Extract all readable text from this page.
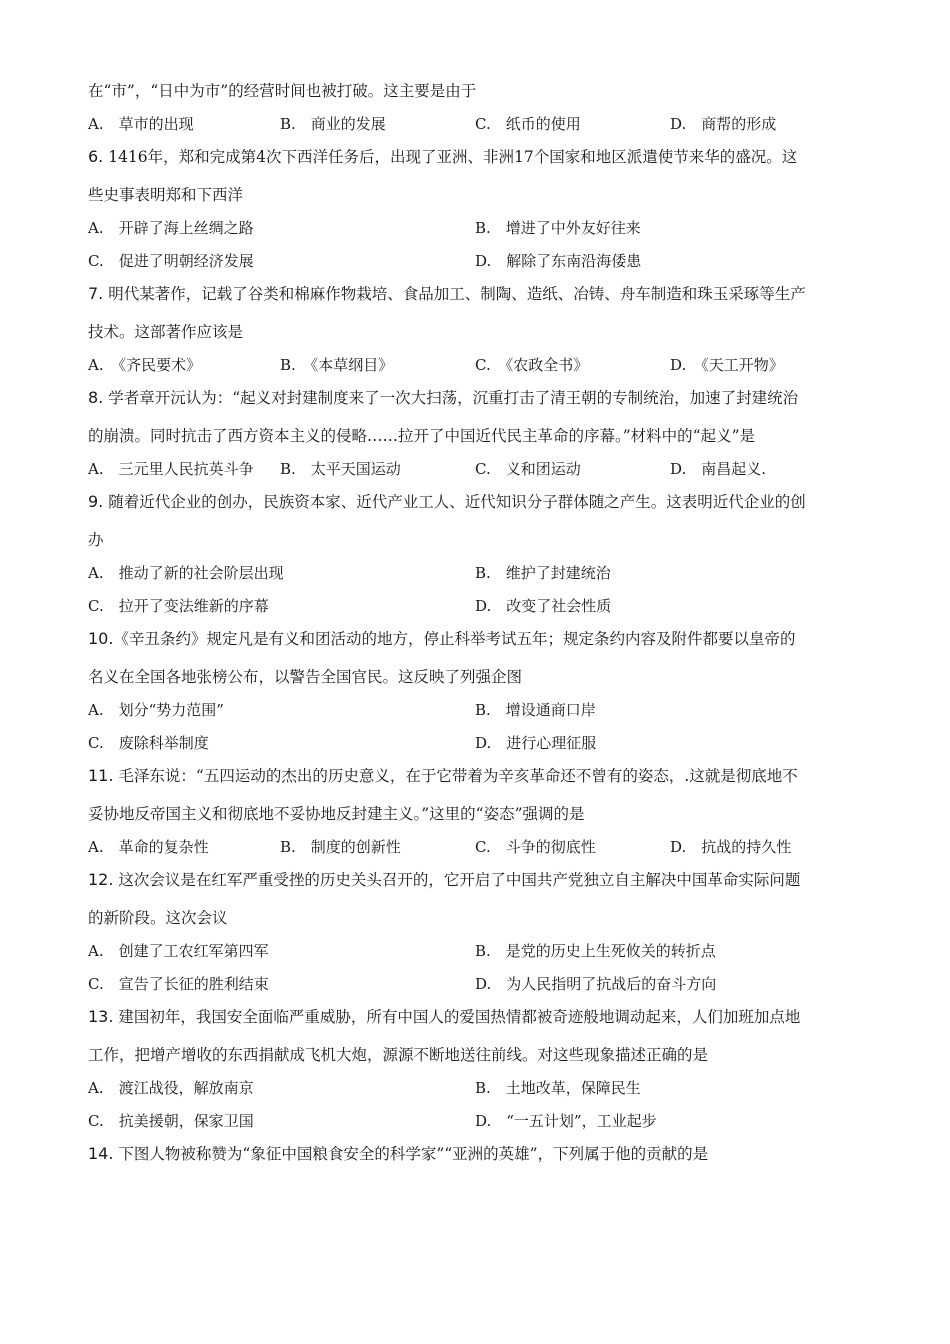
在“市”，“日中为市”的经营时间也被打破。这主要是由于
A.　草市的出现	B.　商业的发展	C.　纸币的使用	D.　商帮的形成
6. 1416年，郑和完成第4次下西洋任务后，出现了亚洲、非洲17个国家和地区派遣使节来华的盛况。这
些史事表明郑和下西洋
A.　开辟了海上丝绸之路	B.　增进了中外友好往来
C.　促进了明朝经济发展	D.　解除了东南沿海倭患
7. 明代某著作，记载了谷类和棉麻作物栽培、食品加工、制陶、造纸、冶铸、舟车制造和珠玉采琢等生产
技术。这部著作应该是
A.　《齐民要术》	B.　《本草纲目》	C.　《农政全书》	D.　《天工开物》
8. 学者章开沅认为：“起义对封建制度来了一次大扫荡，沉重打击了清王朝的专制统治，加速了封建统治
的崩溃。同时抗击了西方资本主义的侵略……拉开了中国近代民主革命的序幕。”材料中的“起义”是
A.　三元里人民抗英斗争 B.　太平天国运动	C.　义和团运动	D.　南昌起义.
9. 随着近代企业的创办，民族资本家、近代产业工人、近代知识分子群体随之产生。这表明近代企业的创
办
A.　推动了新的社会阶层出现	B.　维护了封建统治
C.　拉开了变法维新的序幕	D.　改变了社会性质
10.《辛丑条约》规定凡是有义和团活动的地方，停止科举考试五年；规定条约内容及附件都要以皇帝的
名义在全国各地张榜公布，以警告全国官民。这反映了列强企图
A.　划分“势力范围”	B.　增设通商口岸
C.　废除科举制度	D.　进行心理征服
11. 毛泽东说：“五四运动的杰出的历史意义，在于它带着为辛亥革命还不曾有的姿态，.这就是彻底地不
妥协地反帝国主义和彻底地不妥协地反封建主义。”这里的“姿态”强调的是
A.　革命的复杂性	B.　制度的创新性	C.　斗争的彻底性	D.　抗战的持久性
12. 这次会议是在红军严重受挫的历史关头召开的，它开启了中国共产党独立自主解决中国革命实际问题
的新阶段。这次会议
A.　创建了工农红军第四军	B.　是党的历史上生死攸关的转折点
C.　宣告了长征的胜利结束	D.　为人民指明了抗战后的奋斗方向
13. 建国初年，我国安全面临严重威胁，所有中国人的爱国热情都被奇迹般地调动起来，人们加班加点地
工作，把增产增收的东西捐献成飞机大炮，源源不断地送往前线。对这些现象描述正确的是
A.　渡江战役，解放南京	B.　土地改革，保障民生
C.　抗美援朝，保家卫国	D.　“一五计划”，工业起步
14. 下图人物被称赞为“象征中国粮食安全的科学家”“亚洲的英雄”，下列属于他的贡献的是
